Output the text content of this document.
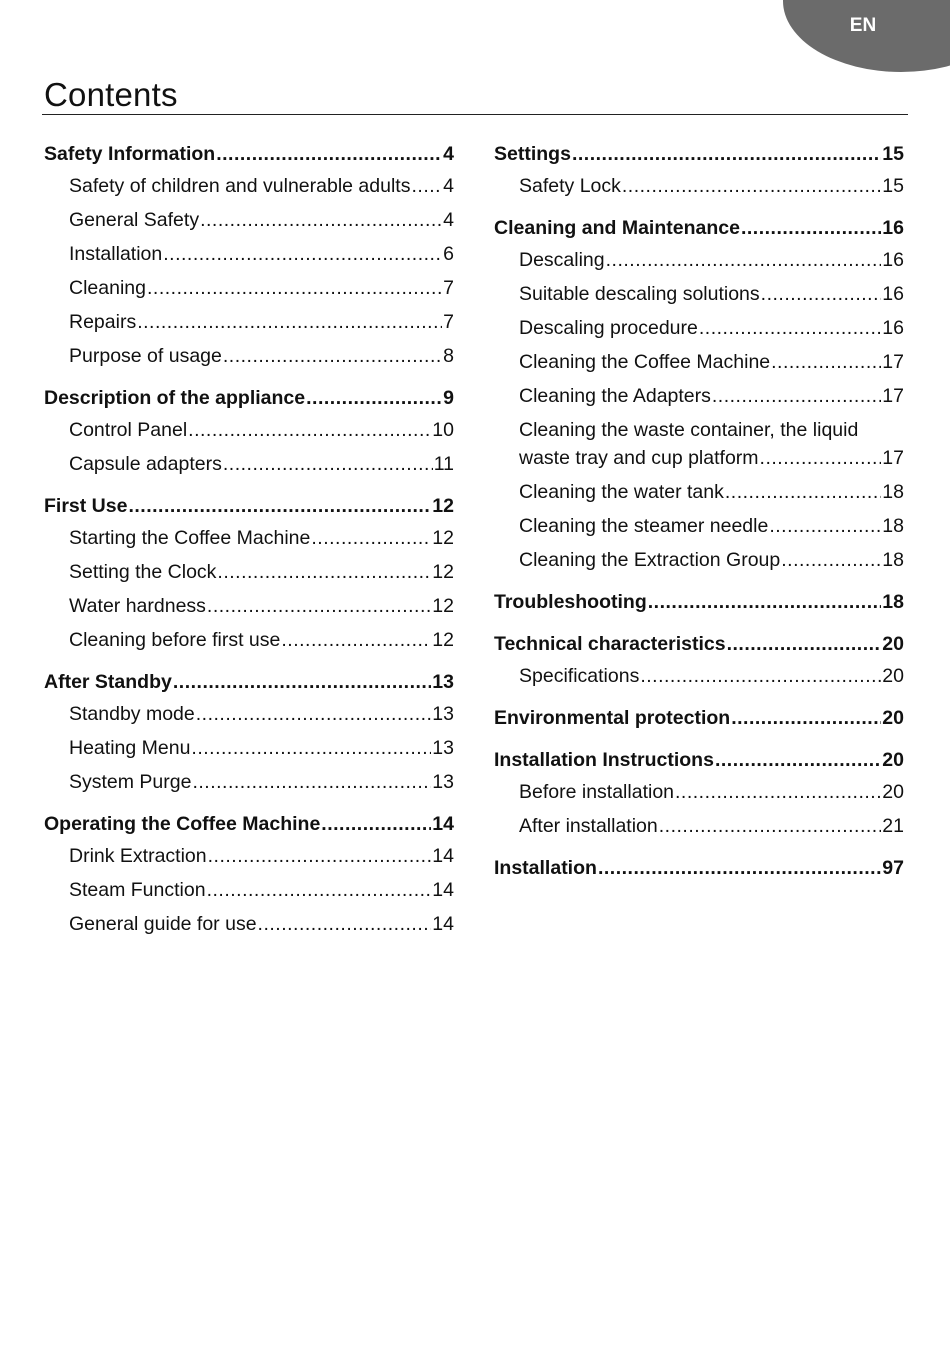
EN
Contents
Safety Information .....	4
Safety of children and vulnerable adults ..... 4
General Safety .....	4
Installation .....	6
Cleaning .....	7
Repairs .....	7
Purpose of usage .....	8
Description of the appliance .....	9
Control Panel .....	10
Capsule adapters .....	11
First Use .....	12
Starting the Coffee Machine .....	12
Setting the Clock .....	12
Water hardness .....	12
Cleaning before first use .....	12
After Standby .....	13
Standby mode .....	13
Heating Menu .....	13
System Purge .....	13
Operating the Coffee Machine .....	14
Drink Extraction .....	14
Steam Function .....	14
General guide for use .....	14
Settings .....	15
Safety Lock .....	15
Cleaning and Maintenance .....	16
Descaling .....	16
Suitable descaling solutions .....	16
Descaling procedure .....	16
Cleaning the Coffee Machine .....	17
Cleaning the Adapters .....	17
Cleaning the waste container, the liquid
waste tray and cup platform .....	17
Cleaning the water tank .....	18
Cleaning the steamer needle .....	18
Cleaning the Extraction Group .....	18
Troubleshooting .....	18
Technical characteristics .....	20
Specifications .....	20
Environmental protection .....	20
Installation Instructions .....	20
Before installation .....	20
After installation .....	21
Installation .....	97
